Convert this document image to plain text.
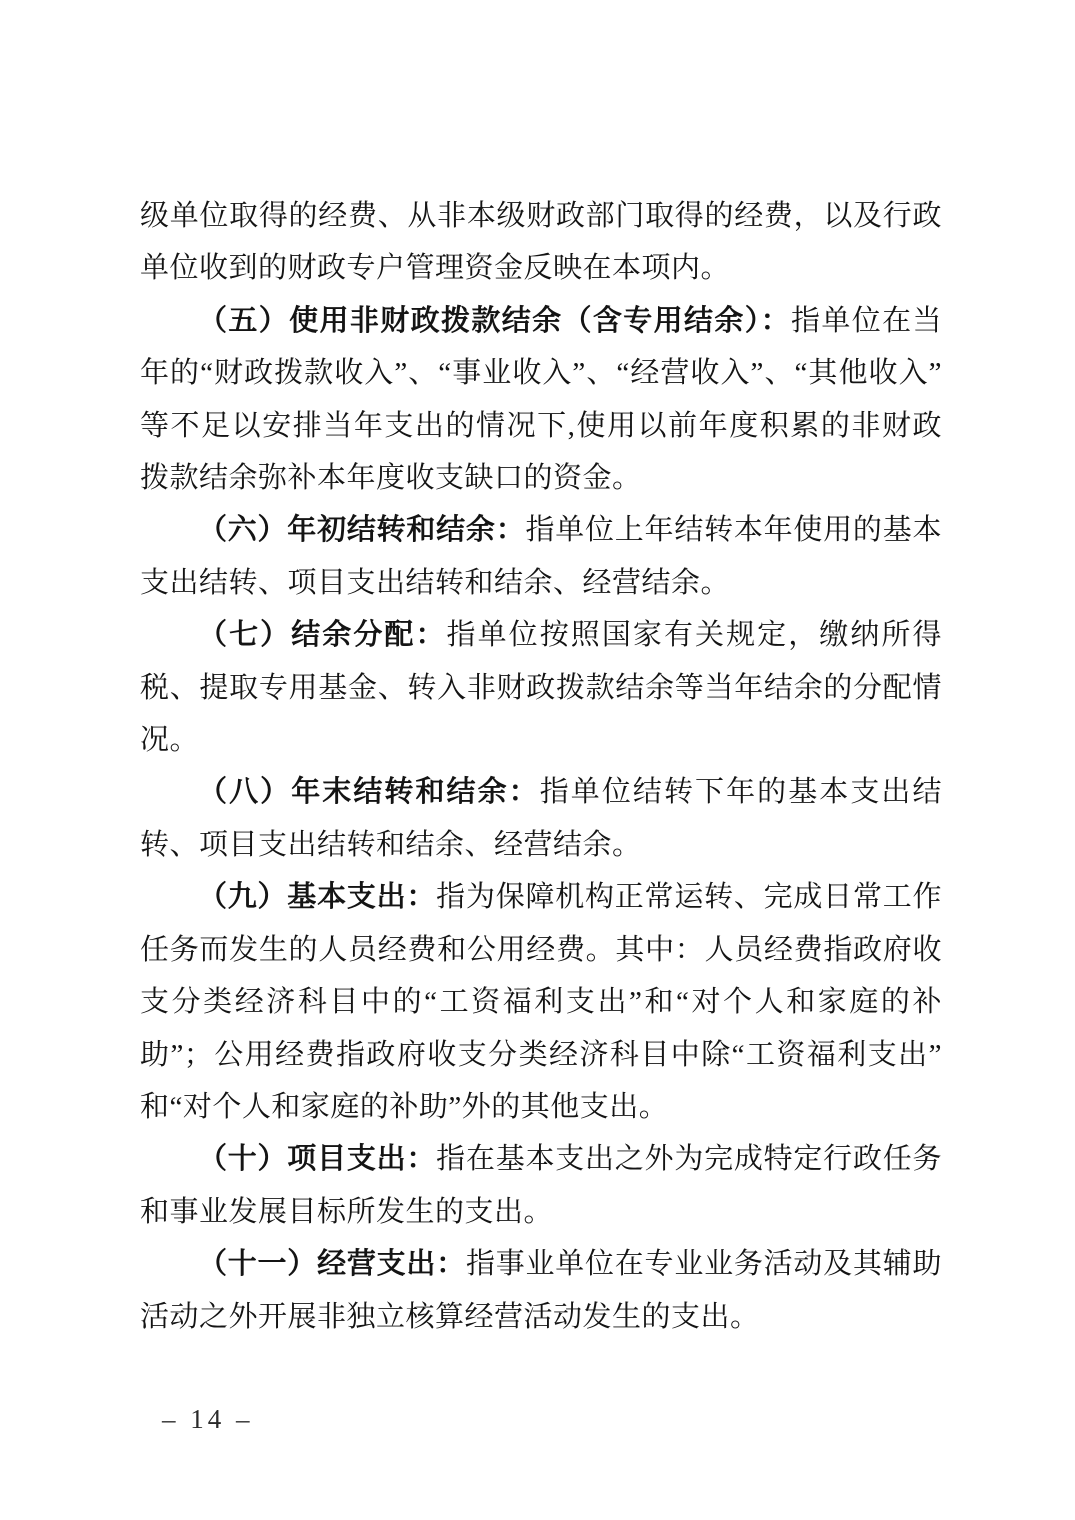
级单位取得的经费、从非本级财政部门取得的经费，以及行政单位收到的财政专户管理资金反映在本项内。

（五）使用非财政拨款结余（含专用结余）：指单位在当年的“财政拨款收入”、“事业收入”、“经营收入”、“其他收入”等不足以安排当年支出的情况下,使用以前年度积累的非财政拨款结余弥补本年度收支缺口的资金。

（六）年初结转和结余：指单位上年结转本年使用的基本支出结转、项目支出结转和结余、经营结余。

（七）结余分配：指单位按照国家有关规定，缴纳所得税、提取专用基金、转入非财政拨款结余等当年结余的分配情况。

（八）年末结转和结余：指单位结转下年的基本支出结转、项目支出结转和结余、经营结余。

（九）基本支出：指为保障机构正常运转、完成日常工作任务而发生的人员经费和公用经费。其中：人员经费指政府收支分类经济科目中的“工资福利支出”和“对个人和家庭的补助”；公用经费指政府收支分类经济科目中除“工资福利支出”和“对个人和家庭的补助”外的其他支出。

（十）项目支出：指在基本支出之外为完成特定行政任务和事业发展目标所发生的支出。

（十一）经营支出：指事业单位在专业业务活动及其辅助活动之外开展非独立核算经营活动发生的支出。

– 14 –
